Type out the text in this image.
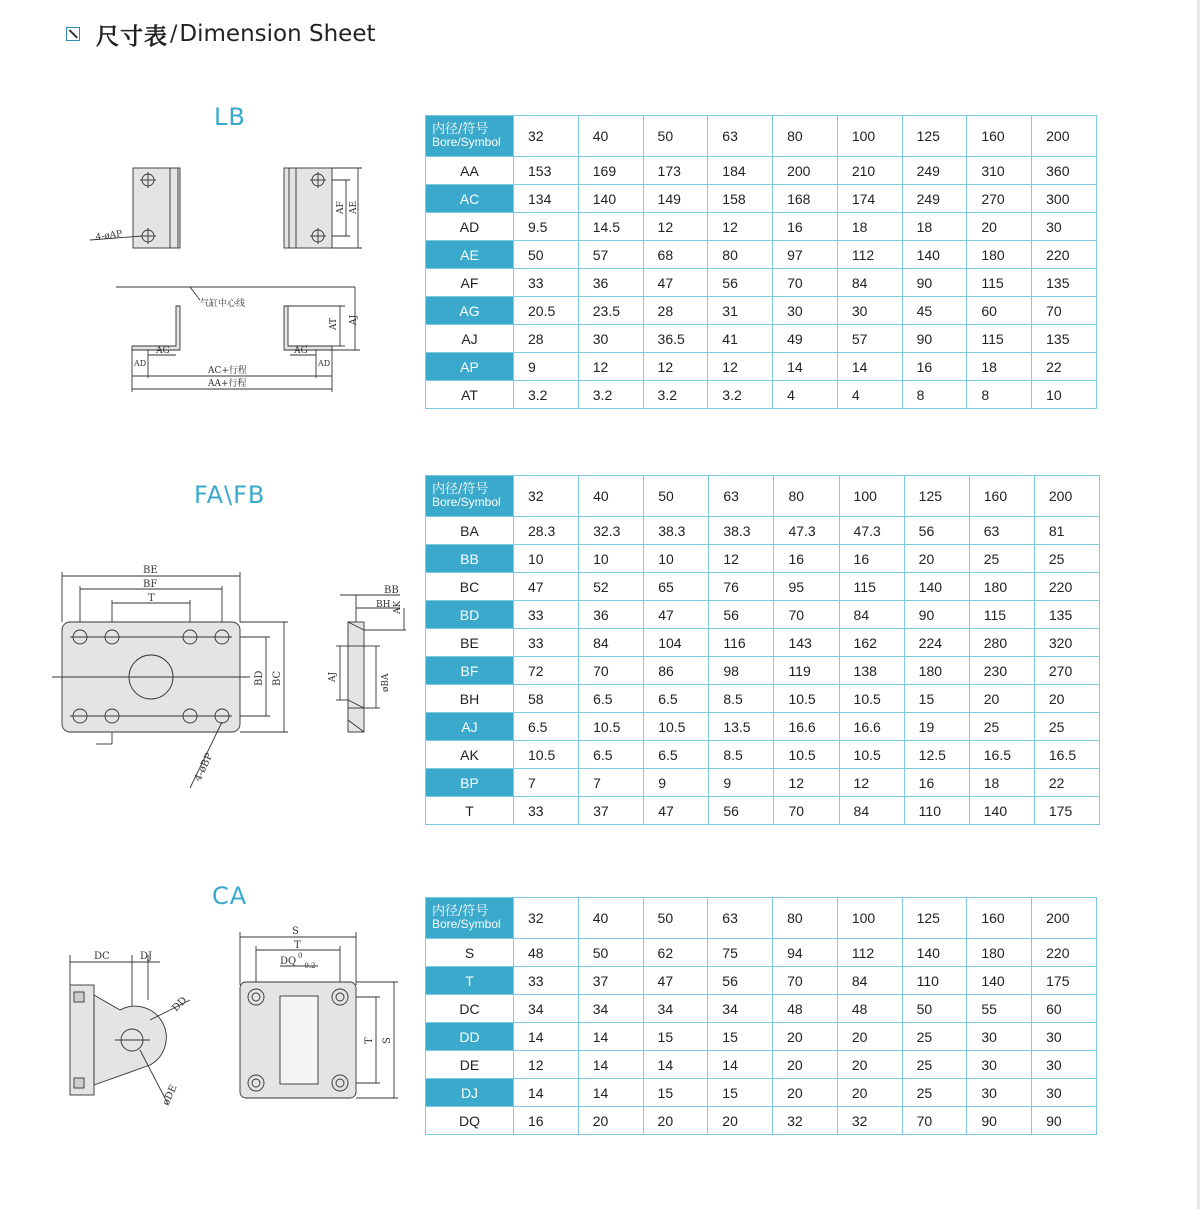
尺寸表 / Dimension Sheet
LB
FA\FB
CA
4-øAP
AF AE
气缸中心线
AT AJ
AG	AG
AD	AD
AC+行程
AA+行程
BE
BF
T
BD BC
4-øBP
BB
BH AK
øBA
AJ
DC	DJ
DD
øDE
S
T
DQ 0
-0.2
T S
内径/符号
Bore/Symbol	32	40	50	63	80	100	125	160	200
AA	153	169	173	184	200	210	249	310	360
AC	134	140	149	158	168	174	249	270	300
AD	9.5	14.5	12	12	16	18	18	20	30
AE	50	57	68	80	97	112	140	180	220
AF	33	36	47	56	70	84	90	115	135
AG	20.5	23.5	28	31	30	30	45	60	70
AJ	28	30	36.5	41	49	57	90	115	135
AP	9	12	12	12	14	14	16	18	22
AT	3.2	3.2	3.2	3.2	4	4	8	8	10
内径/符号
Bore/Symbol	32	40	50	63	80	100	125	160	200
BA	28.3	32.3	38.3	38.3	47.3	47.3	56	63	81
BB	10	10	10	12	16	16	20	25	25
BC	47	52	65	76	95	115	140	180	220
BD	33	36	47	56	70	84	90	115	135
BE	33	84	104	116	143	162	224	280	320
BF	72	70	86	98	119	138	180	230	270
BH	58	6.5	6.5	8.5	10.5	10.5	15	20	20
AJ	6.5	10.5	10.5	13.5	16.6	16.6	19	25	25
AK	10.5	6.5	6.5	8.5	10.5	10.5	12.5	16.5	16.5
BP	7	7	9	9	12	12	16	18	22
T	33	37	47	56	70	84	110	140	175
内径/符号
Bore/Symbol	32	40	50	63	80	100	125	160	200
S	48	50	62	75	94	112	140	180	220
T	33	37	47	56	70	84	110	140	175
DC	34	34	34	34	48	48	50	55	60
DD	14	14	15	15	20	20	25	30	30
DE	12	14	14	14	20	20	25	30	30
DJ	14	14	15	15	20	20	25	30	30
DQ	16	20	20	20	32	32	70	90	90
